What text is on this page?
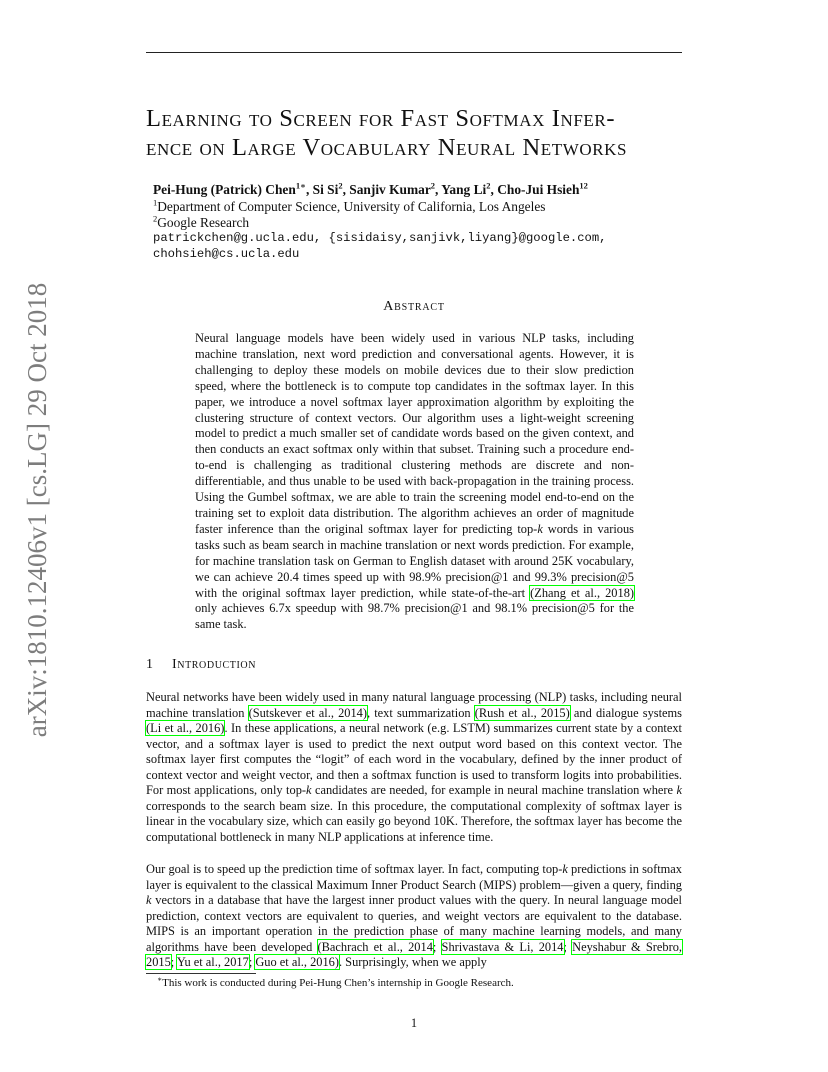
arXiv:1810.12406v1 [cs.LG] 29 Oct 2018
Learning to Screen for Fast Softmax Infer-
ence on Large Vocabulary Neural Networks
Pei-Hung (Patrick) Chen$^{1∗}$, Si Si$^2$, Sanjiv Kumar$^2$, Yang Li$^2$, Cho-Jui Hsieh$^{12}$
$^1$Department of Computer Science, University of California, Los Angeles
$^2$Google Research
patrickchen@g.ucla.edu, {sisidaisy,sanjivk,liyang}@google.com,
chohsieh@cs.ucla.edu
Abstract
Neural language models have been widely used in various NLP tasks, including machine translation, next word prediction and conversational agents. However, it is challenging to deploy these models on mobile devices due to their slow prediction speed, where the bottleneck is to compute top candidates in the softmax layer. In this paper, we introduce a novel softmax layer approximation algorithm by exploiting the clustering structure of context vectors. Our algorithm uses a light-weight screening model to predict a much smaller set of candidate words based on the given context, and then conducts an exact softmax only within that subset. Training such a procedure end-to-end is challenging as traditional clustering methods are discrete and non-differentiable, and thus unable to be used with back-propagation in the training process. Using the Gumbel softmax, we are able to train the screening model end-to-end on the training set to exploit data distribution. The algorithm achieves an order of magnitude faster inference than the original softmax layer for predicting top-k words in various tasks such as beam search in machine translation or next words prediction. For example, for machine translation task on German to English dataset with around 25K vocabulary, we can achieve 20.4 times speed up with 98.9% precision@1 and 99.3% precision@5 with the original softmax layer prediction, while state-of-the-art (Zhang et al., 2018) only achieves 6.7x speedup with 98.7% precision@1 and 98.1% precision@5 for the same task.
1 Introduction
Neural networks have been widely used in many natural language processing (NLP) tasks, including neural machine translation (Sutskever et al., 2014), text summarization (Rush et al., 2015) and dialogue systems (Li et al., 2016). In these applications, a neural network (e.g. LSTM) summarizes current state by a context vector, and a softmax layer is used to predict the next output word based on this context vector. The softmax layer first computes the “logit” of each word in the vocabulary, defined by the inner product of context vector and weight vector, and then a softmax function is used to transform logits into probabilities. For most applications, only top-k candidates are needed, for example in neural machine translation where k corresponds to the search beam size. In this procedure, the computational complexity of softmax layer is linear in the vocabulary size, which can easily go beyond 10K. Therefore, the softmax layer has become the computational bottleneck in many NLP applications at inference time.
Our goal is to speed up the prediction time of softmax layer. In fact, computing top-k predictions in softmax layer is equivalent to the classical Maximum Inner Product Search (MIPS) problem—given a query, finding k vectors in a database that have the largest inner product values with the query. In neural language model prediction, context vectors are equivalent to queries, and weight vectors are equivalent to the database. MIPS is an important operation in the prediction phase of many machine learning models, and many algorithms have been developed (Bachrach et al., 2014; Shrivastava & Li, 2014; Neyshabur & Srebro, 2015; Yu et al., 2017; Guo et al., 2016). Surprisingly, when we apply
∗This work is conducted during Pei-Hung Chen’s internship in Google Research.
1
